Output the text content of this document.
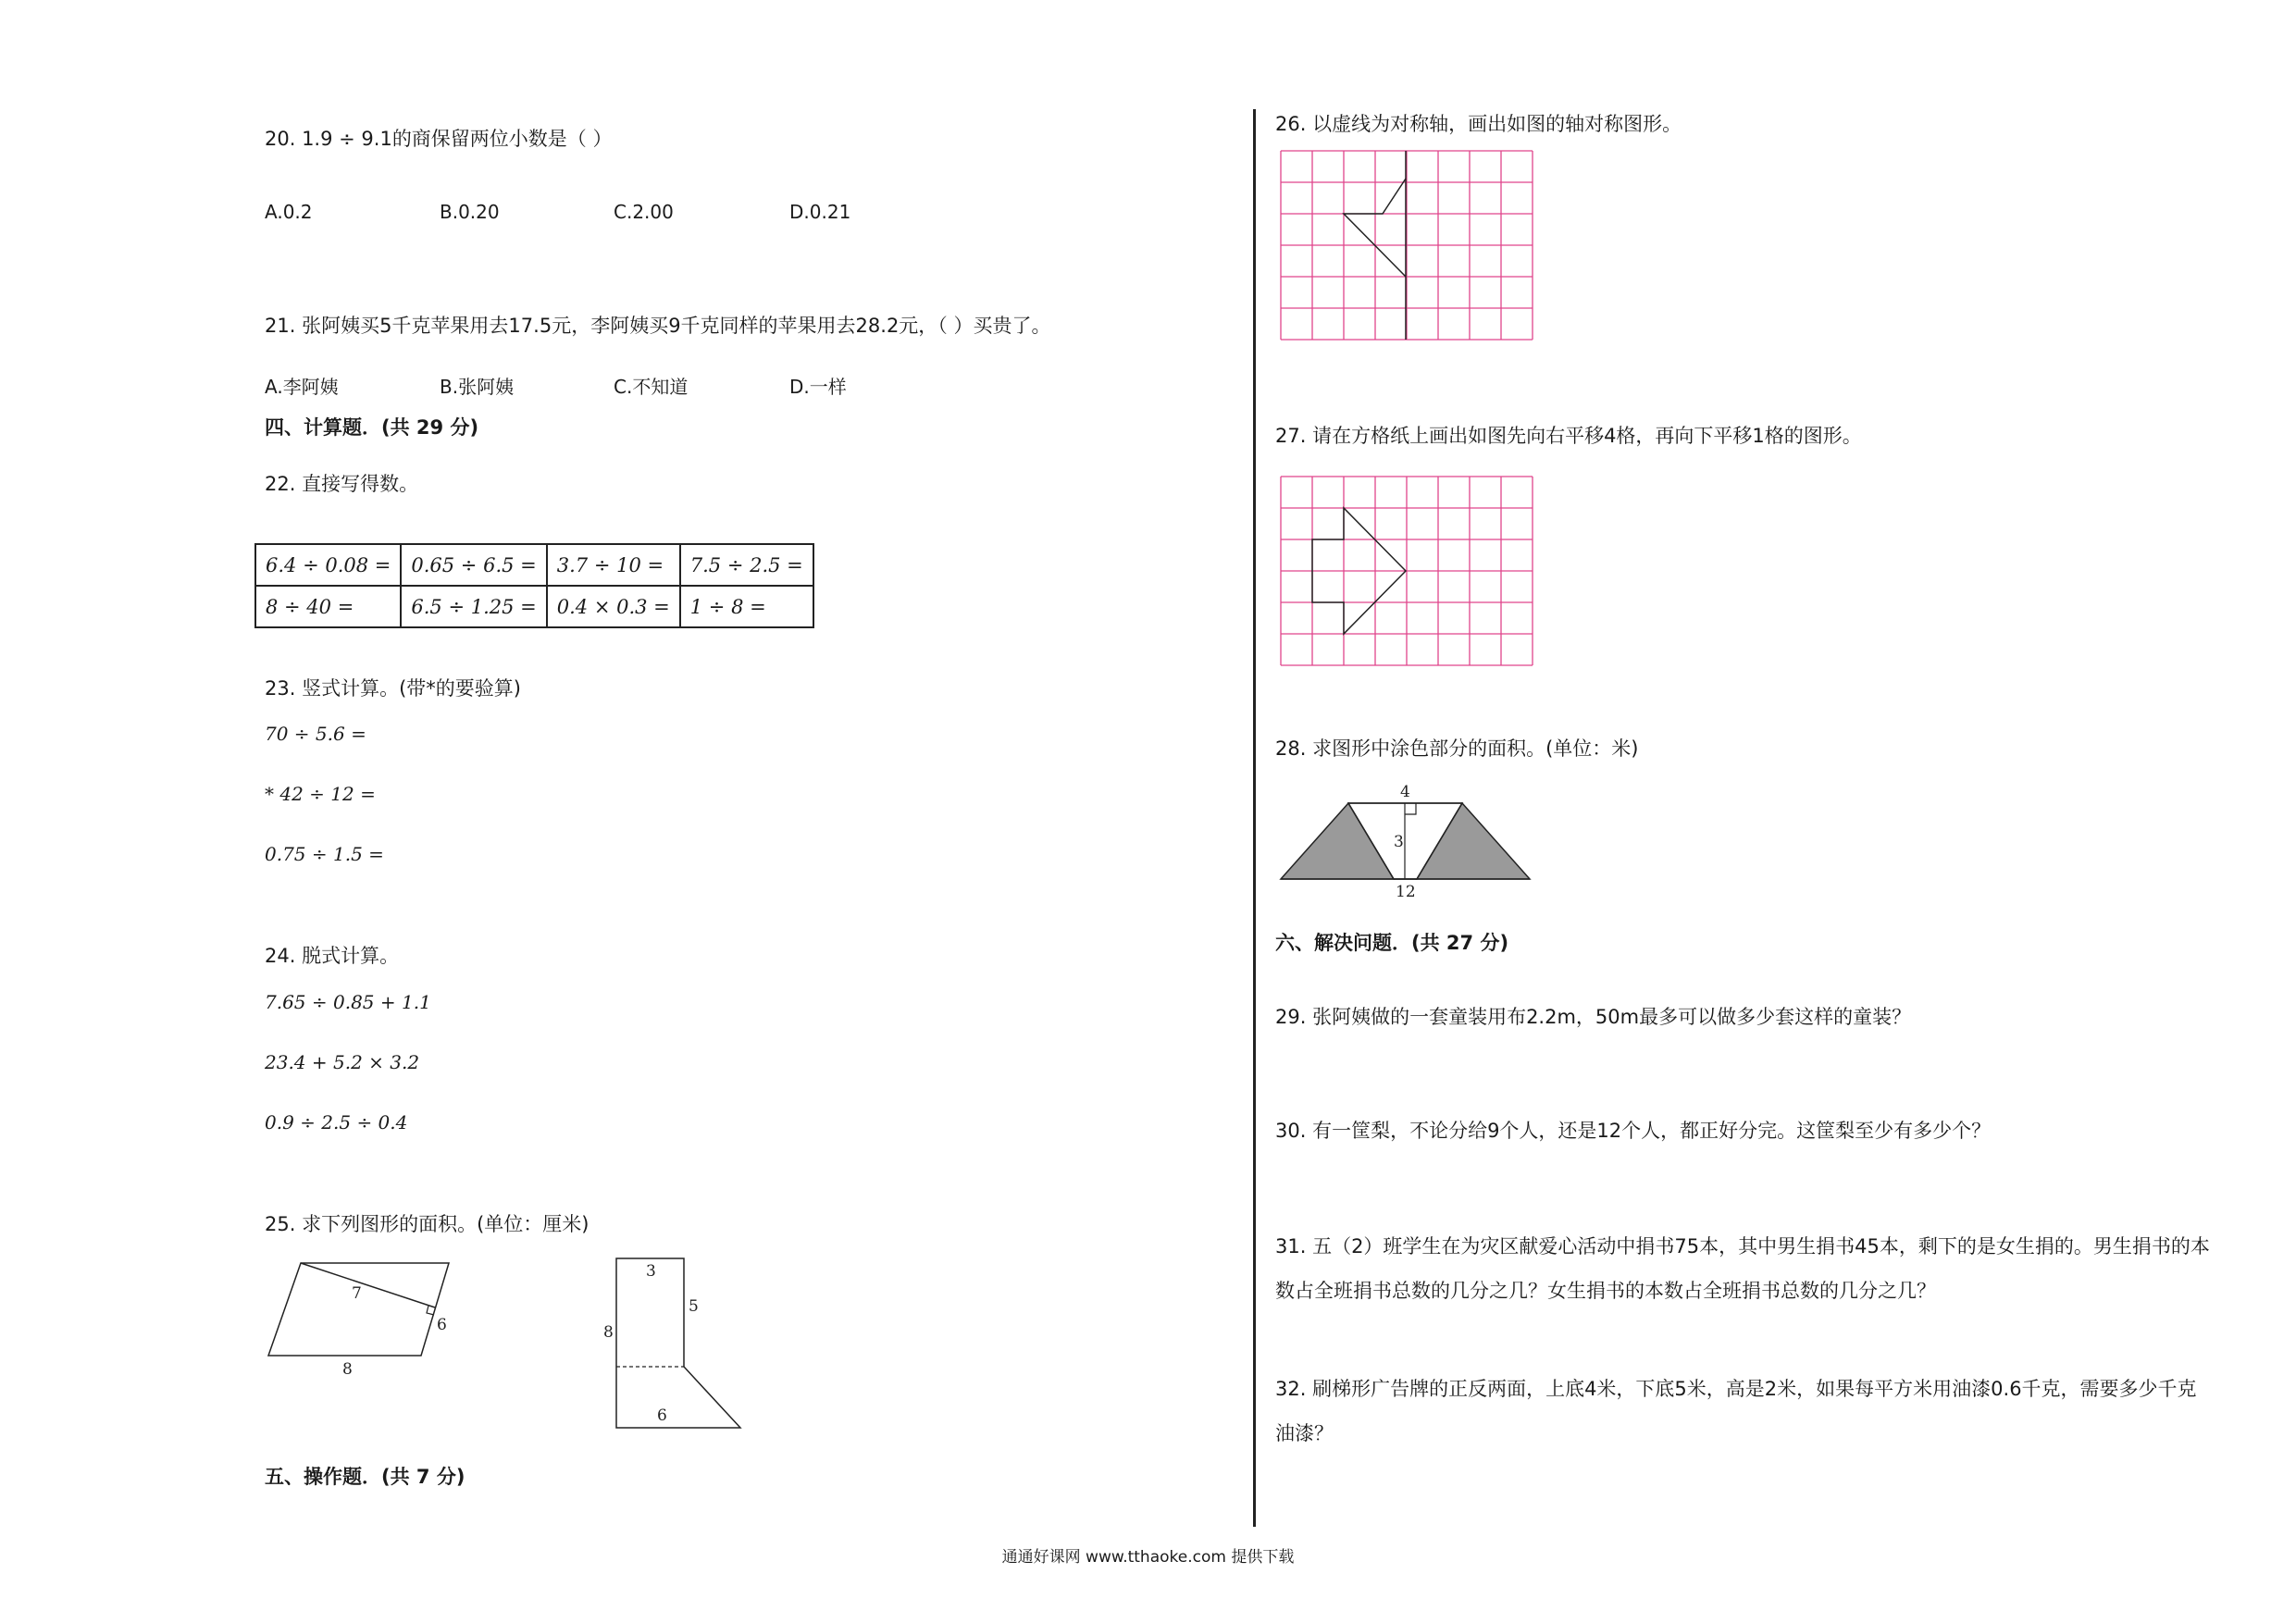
20. 1.9 ÷ 9.1的商保留两位小数是（ ）
A.0.2	B.0.20	C.2.00	D.0.21
21. 张阿姨买5千克苹果用去17.5元，李阿姨买9千克同样的苹果用去28.2元，（ ）买贵了。
A.李阿姨	B.张阿姨	C.不知道	D.一样
四、计算题．(共 29 分)
22. 直接写得数。
6.4 ÷ 0.08 =	0.65 ÷ 6.5 =	3.7 ÷ 10 =	7.5 ÷ 2.5 =
8 ÷ 40 =	6.5 ÷ 1.25 =	0.4 × 0.3 =	1 ÷ 8 =
23. 竖式计算。(带*的要验算)
70 ÷ 5.6 =
* 42 ÷ 12 =
0.75 ÷ 1.5 =
24. 脱式计算。
7.65 ÷ 0.85 + 1.1
23.4 + 5.2 × 3.2
0.9 ÷ 2.5 ÷ 0.4
25. 求下列图形的面积。(单位：厘米)
7
6
8
3
5
8
6
五、操作题．(共 7 分)
26. 以虚线为对称轴，画出如图的轴对称图形。
27. 请在方格纸上画出如图先向右平移4格，再向下平移1格的图形。
28. 求图形中涂色部分的面积。(单位：米)
4
3
12
六、解决问题．(共 27 分)
29. 张阿姨做的一套童装用布2.2m，50m最多可以做多少套这样的童装？
30. 有一筐梨，不论分给9个人，还是12个人，都正好分完。这筐梨至少有多少个？
31. 五（2）班学生在为灾区献爱心活动中捐书75本，其中男生捐书45本，剩下的是女生捐的。男生捐书的本
数占全班捐书总数的几分之几？女生捐书的本数占全班捐书总数的几分之几？
32. 刷梯形广告牌的正反两面，上底4米，下底5米，高是2米，如果每平方米用油漆0.6千克，需要多少千克
油漆？
通通好课网 www.tthaoke.com 提供下载
